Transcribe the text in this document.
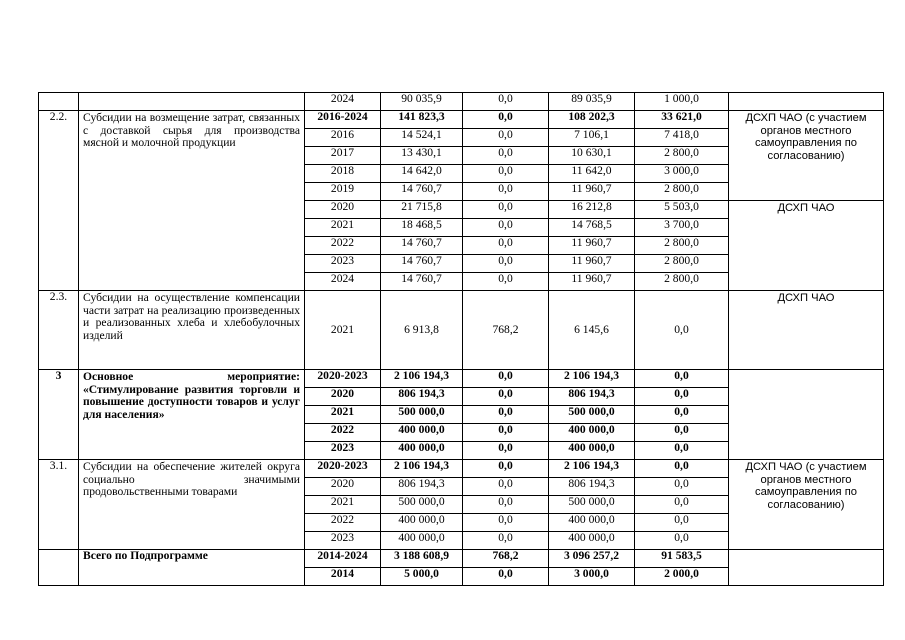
		2024	90 035,9	0,0	89 035,9	1 000,0	
2.2.	Субсидии на возмещение затрат, связанных с доставкой сырья для производства мясной и молочной продукции	2016-2024	141 823,3	0,0	108 202,3	33 621,0	ДСХП ЧАО (с участием органов местного самоуправления по согласованию)
		2016	14 524,1	0,0	7 106,1	7 418,0	
		2017	13 430,1	0,0	10 630,1	2 800,0	
		2018	14 642,0	0,0	11 642,0	3 000,0	
		2019	14 760,7	0,0	11 960,7	2 800,0	
		2020	21 715,8	0,0	16 212,8	5 503,0	ДСХП ЧАО
		2021	18 468,5	0,0	14 768,5	3 700,0	
		2022	14 760,7	0,0	11 960,7	2 800,0	
		2023	14 760,7	0,0	11 960,7	2 800,0	
		2024	14 760,7	0,0	11 960,7	2 800,0	
2.3.	Субсидии на осуществление компенсации части затрат на реализацию произведенных и реализованных хлеба и хлебобулочных изделий	2021	6 913,8	768,2	6 145,6	0,0	ДСХП ЧАО
3	Основное мероприятие: «Стимулирование развития торговли и повышение доступности товаров и услуг для населения»	2020-2023	2 106 194,3	0,0	2 106 194,3	0,0	
		2020	806 194,3	0,0	806 194,3	0,0	
		2021	500 000,0	0,0	500 000,0	0,0	
		2022	400 000,0	0,0	400 000,0	0,0	
		2023	400 000,0	0,0	400 000,0	0,0	
3.1.	Субсидии на обеспечение жителей округа социально значимыми продовольственными товарами	2020-2023	2 106 194,3	0,0	2 106 194,3	0,0	ДСХП ЧАО (с участием органов местного самоуправления по согласованию)
		2020	806 194,3	0,0	806 194,3	0,0	
		2021	500 000,0	0,0	500 000,0	0,0	
		2022	400 000,0	0,0	400 000,0	0,0	
		2023	400 000,0	0,0	400 000,0	0,0	
	Всего по Подпрограмме	2014-2024	3 188 608,9	768,2	3 096 257,2	91 583,5	
		2014	5 000,0	0,0	3 000,0	2 000,0	
